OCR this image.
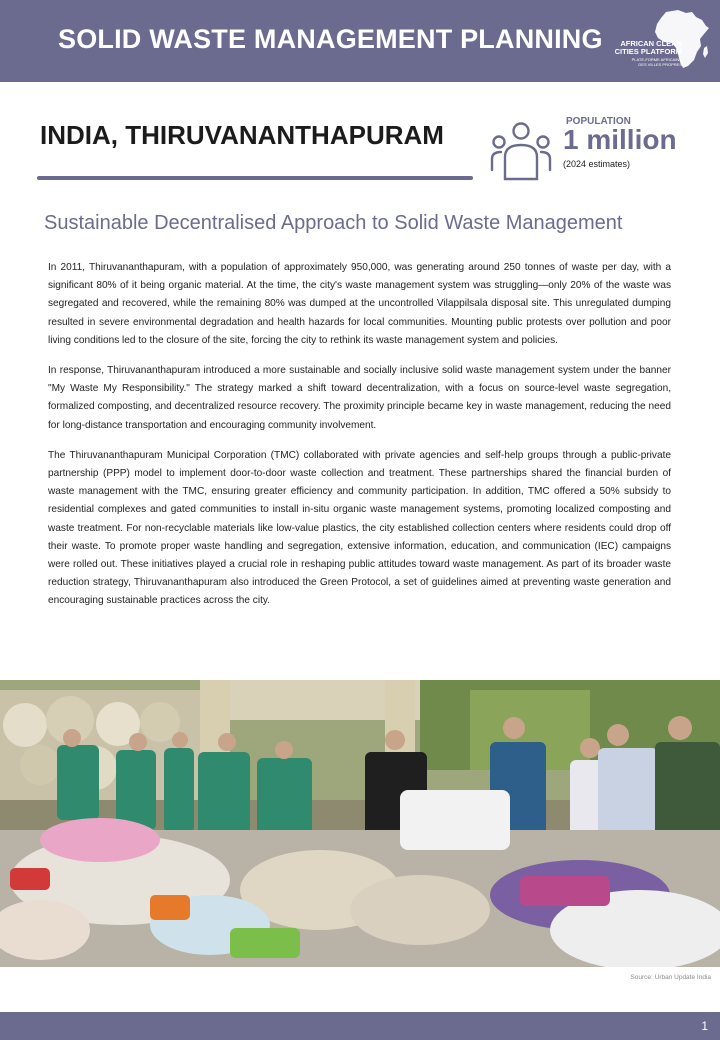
SOLID WASTE MANAGEMENT PLANNING	AFRICAN CLEAN
CITIES PLATFORM
PLATE-FORME AFRICAINE
DES VILLES PROPRES
INDIA, THIRUVANANTHAPURAM	POPULATION
1 million
(2024 estimates)
Sustainable Decentralised Approach to Solid Waste Management

In 2011, Thiruvananthapuram, with a population of approximately 950,000, was generating around 250 tonnes of waste per day, with a significant 80% of it being organic material. At the time, the city's waste management system was struggling—only 20% of the waste was segregated and recovered, while the remaining 80% was dumped at the uncontrolled Vilappilsala disposal site. This unregulated dumping resulted in severe environmental degradation and health hazards for local communities. Mounting public protests over pollution and poor living conditions led to the closure of the site, forcing the city to rethink its waste management system and policies.

In response, Thiruvananthapuram introduced a more sustainable and socially inclusive solid waste management system under the banner "My Waste My Responsibility." The strategy marked a shift toward decentralization, with a focus on source-level waste segregation, formalized composting, and decentralized resource recovery. The proximity principle became key in waste management, reducing the need for long-distance transportation and encouraging community involvement.

The Thiruvananthapuram Municipal Corporation (TMC) collaborated with private agencies and self-help groups through a public-private partnership (PPP) model to implement door-to-door waste collection and treatment. These partnerships shared the financial burden of waste management with the TMC, ensuring greater efficiency and community participation. In addition, TMC offered a 50% subsidy to residential complexes and gated communities to install in-situ organic waste management systems, promoting localized composting and waste treatment. For non-recyclable materials like low-value plastics, the city established collection centers where residents could drop off their waste. To promote proper waste handling and segregation, extensive information, education, and communication (IEC) campaigns were rolled out. These initiatives played a crucial role in reshaping public attitudes toward waste management. As part of its broader waste reduction strategy, Thiruvananthapuram also introduced the Green Protocol, a set of guidelines aimed at preventing waste generation and encouraging sustainable practices across the city.

Source: Urban Update India
1
